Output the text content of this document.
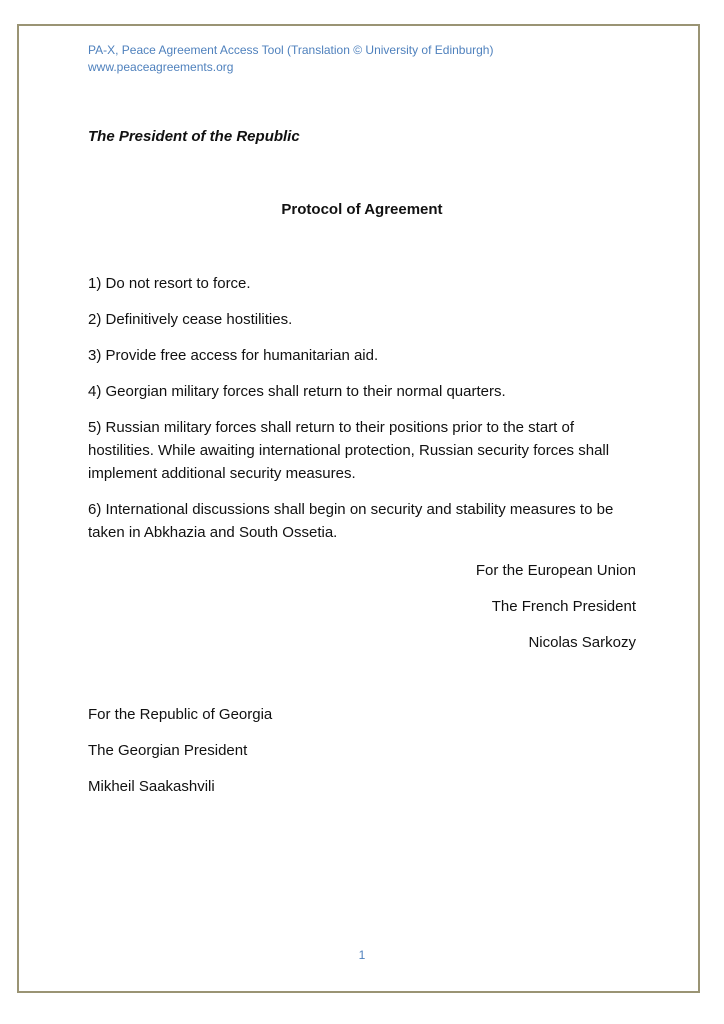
PA-X, Peace Agreement Access Tool (Translation © University of Edinburgh)
www.peaceagreements.org
The President of the Republic
Protocol of Agreement

1) Do not resort to force.

2) Definitively cease hostilities.

3) Provide free access for humanitarian aid.

4) Georgian military forces shall return to their normal quarters.

5) Russian military forces shall return to their positions prior to the start of hostilities. While awaiting international protection, Russian security forces shall implement additional security measures.

6) International discussions shall begin on security and stability measures to be taken in Abkhazia and South Ossetia.

For the European Union
The French President
Nicolas Sarkozy
For the Republic of Georgia
The Georgian President
Mikheil Saakashvili
1
